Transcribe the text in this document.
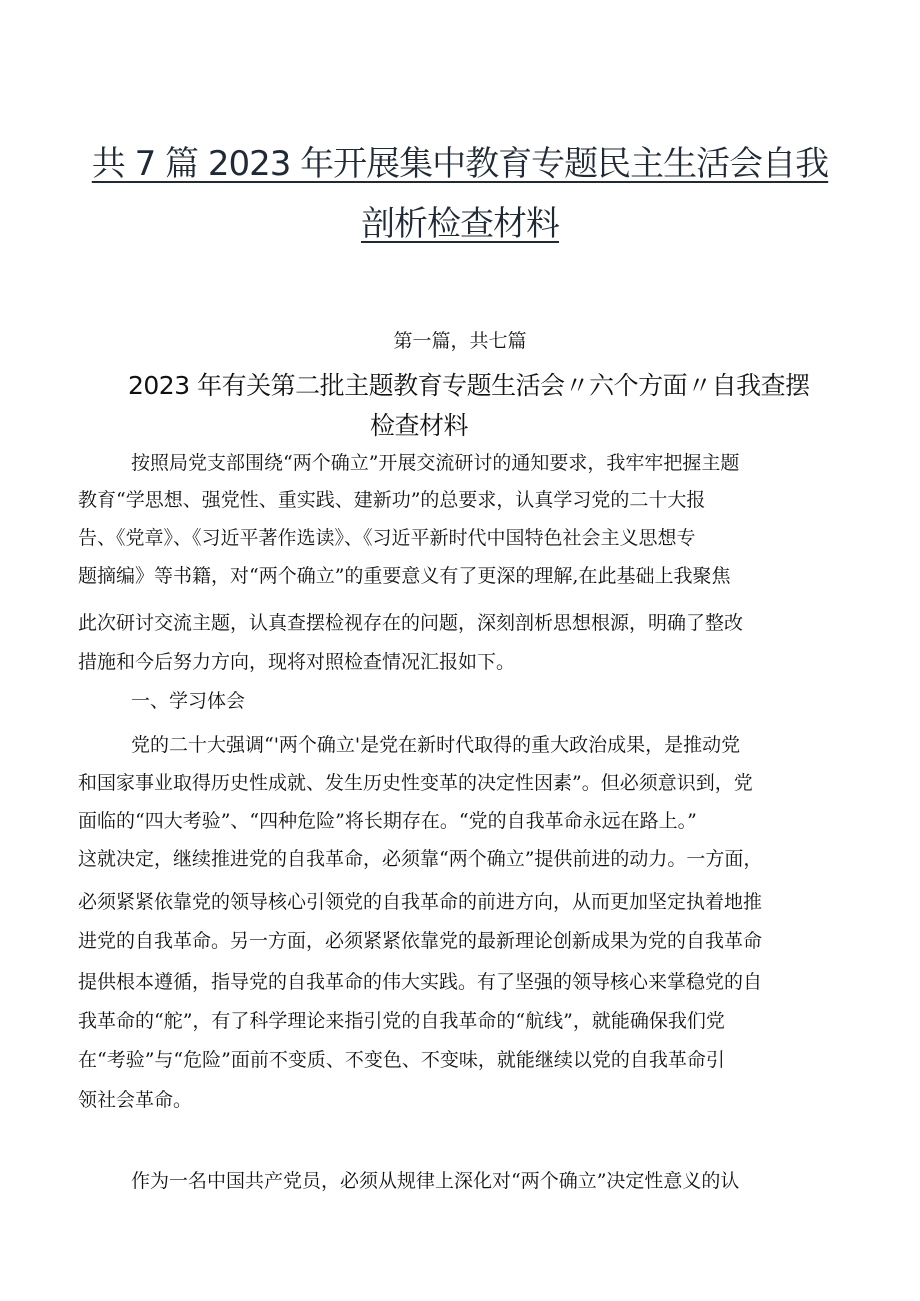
共 7 篇 2023 年开展集中教育专题民主生活会自我
剖析检查材料
第一篇，共七篇
2023 年有关第二批主题教育专题生活会〃六个方面〃自我查摆
检查材料
按照局党支部围绕“两个确立”开展交流研讨的通知要求，我牢牢把握主题
教育“学思想、强党性、重实践、建新功”的总要求，认真学习党的二十大报
告、《党章》、《习近平著作选读》、《习近平新时代中国特色社会主义思想专
题摘编》等书籍，对“两个确立”的重要意义有了更深的理解,在此基础上我聚焦
此次研讨交流主题，认真查摆检视存在的问题，深刻剖析思想根源，明确了整改
措施和今后努力方向，现将对照检查情况汇报如下。
一、学习体会
党的二十大强调“'两个确立'是党在新时代取得的重大政治成果，是推动党
和国家事业取得历史性成就、发生历史性变革的决定性因素”。但必须意识到，党
面临的“四大考验”、“四种危险”将长期存在。“党的自我革命永远在路上。”
这就决定，继续推进党的自我革命，必须靠“两个确立”提供前进的动力。一方面，
必须紧紧依靠党的领导核心引领党的自我革命的前进方向，从而更加坚定执着地推
进党的自我革命。另一方面，必须紧紧依靠党的最新理论创新成果为党的自我革命
提供根本遵循，指导党的自我革命的伟大实践。有了坚强的领导核心来掌稳党的自
我革命的“舵”，有了科学理论来指引党的自我革命的“航线”，就能确保我们党
在“考验”与“危险”面前不变质、不变色、不变味，就能继续以党的自我革命引
领社会革命。
作为一名中国共产党员，必须从规律上深化对“两个确立”决定性意义的认
